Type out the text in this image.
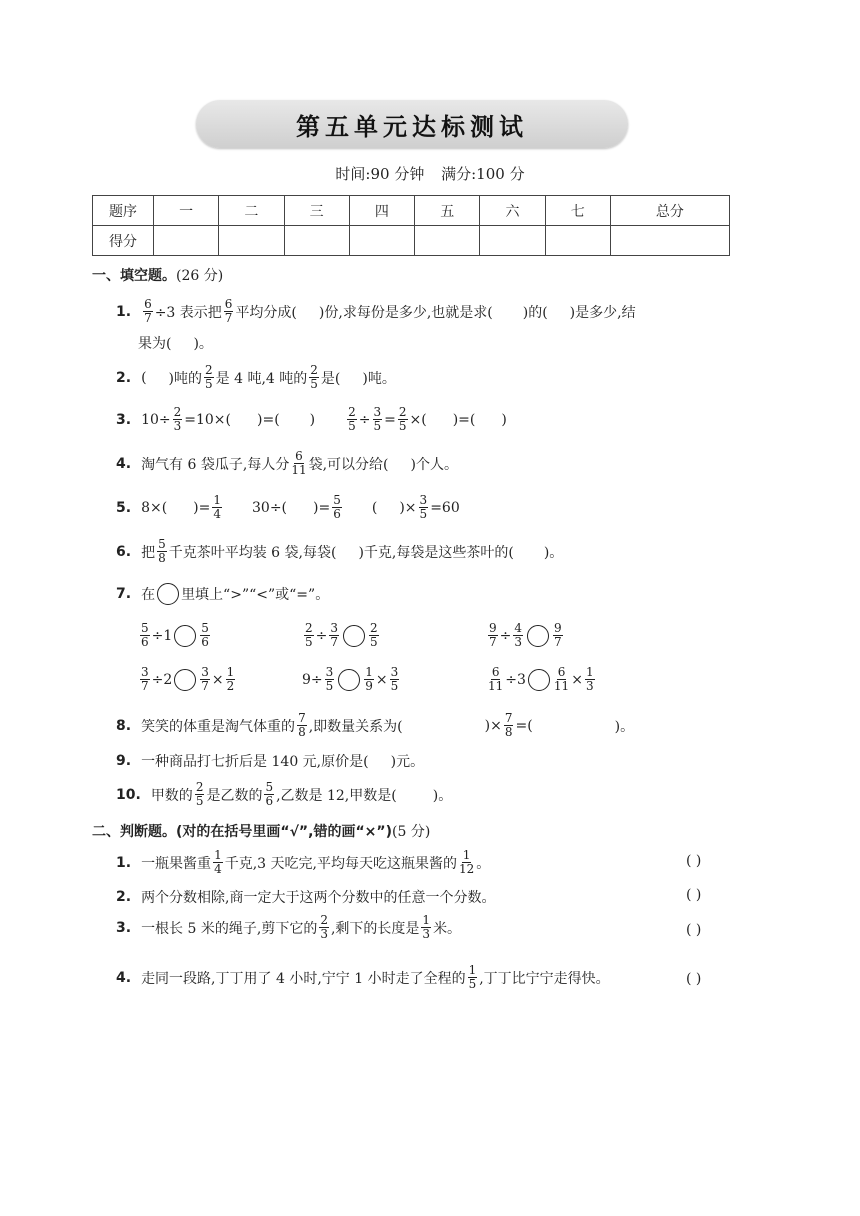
第五单元达标测试
时间:90 分钟 满分:100 分
题序	一	二	三	四	五	六	七	总分
得分								
一、填空题。(26 分)
1. $\frac{6}{7} \div 3$ 表示把 $\frac{6}{7}$ 平均分成( )份,求每份是多少,也就是求( )的( )是多少,结
果为( )。
2. ( )吨的 $\frac{2}{5}$ 是 4 吨,4 吨的 $\frac{2}{5}$ 是( )吨。
3. $10\div \frac{2}{3} =10\times$( )=( )	$\frac{2}{5} \div \frac{3}{5} = \frac{2}{5}$ ×( )=( )
4. 淘气有 6 袋瓜子,每人分 $\frac{6}{11}$ 袋,可以分给( )个人。
5. 8×( )= $\frac{1}{4} 30\div$( )= $\frac{5}{6}$ ( )× $\frac{3}{5} =60$
6. 把 $\frac{5}{8}$ 千克茶叶平均装 6 袋,每袋( )千克,每袋是这些茶叶的( )。
7. 在 里填上“>”“<”或“=”。
$\frac{5}{6} \div 1 \frac{5}{6}$	$\frac{2}{5} \div \frac{3}{7}$	$\frac{2}{5}$	$\frac{9}{7} \div \frac{4}{3}$	$\frac{9}{7}$
$\frac{3}{7} \div 2 \frac{3}{7} \times \frac{1}{2}$	$9\div \frac{3}{5}$	$\frac{1}{9} \times \frac{3}{5}$	$\frac{6}{11} \div 3 \frac{6}{11} \times \frac{1}{3}$
8. 笑笑的体重是淘气体重的 $\frac{7}{8}$ ,即数量关系为(	)× $\frac{7}{8}$ =(	)。
9. 一种商品打七折后是 140 元,原价是( )元。
10. 甲数的 $\frac{2}{5}$ 是乙数的 $\frac{5}{6}$ ,乙数是 12,甲数是(	)。
二、判断题。(对的在括号里画“√”,错的画“×”)(5 分)
1. 一瓶果酱重 $\frac{1}{4}$ 千克,3 天吃完,平均每天吃这瓶果酱的 $\frac{1}{12}$ 。	( )
2. 两个分数相除,商一定大于这两个分数中的任意一个分数。	( )
3. 一根长 5 米的绳子,剪下它的 $\frac{2}{3}$ ,剩下的长度是 $\frac{1}{3}$ 米。	( )
4. 走同一段路,丁丁用了 4 小时,宁宁 1 小时走了全程的 $\frac{1}{5}$ ,丁丁比宁宁走得快。	( )
